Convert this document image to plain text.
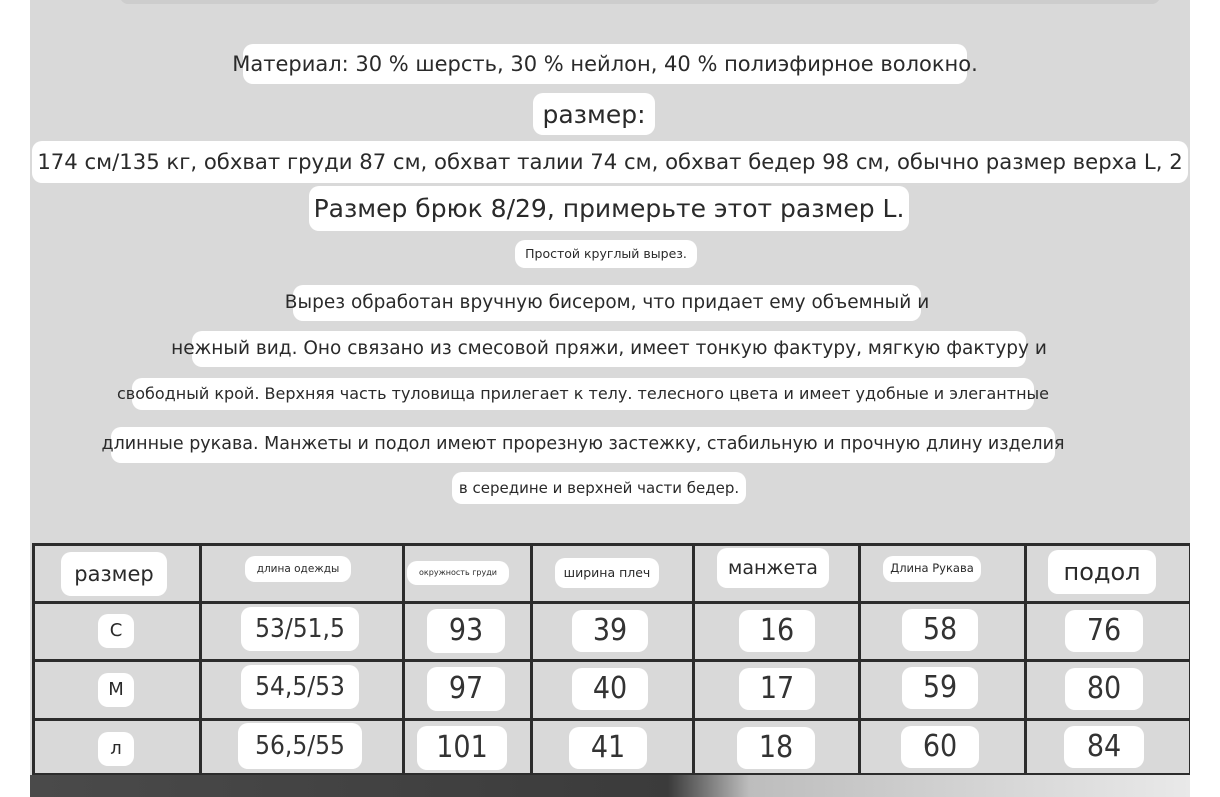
Материал: 30 % шерсть, 30 % нейлон, 40 % полиэфирное волокно.
размер:
174 см/135 кг, обхват груди 87 см, обхват талии 74 см, обхват бедер 98 см, обычно размер верха L, 2
Размер брюк 8/29, примерьте этот размер L.
Простой круглый вырез.
Вырез обработан вручную бисером, что придает ему объемный и
нежный вид. Оно связано из смесовой пряжи, имеет тонкую фактуру, мягкую фактуру и
свободный крой. Верхняя часть туловища прилегает к телу. телесного цвета и имеет удобные и элегантные
длинные рукава. Манжеты и подол имеют прорезную застежку, стабильную и прочную длину изделия
в середине и верхней части бедер.
размер	длина одежды	окружность груди	ширина плеч	манжета	Длина Рукава	подол
С	53/51,5	93	39	16	58	76
М	54,5/53	97	40	17	59	80
л	56,5/55	101	41	18	60	84
